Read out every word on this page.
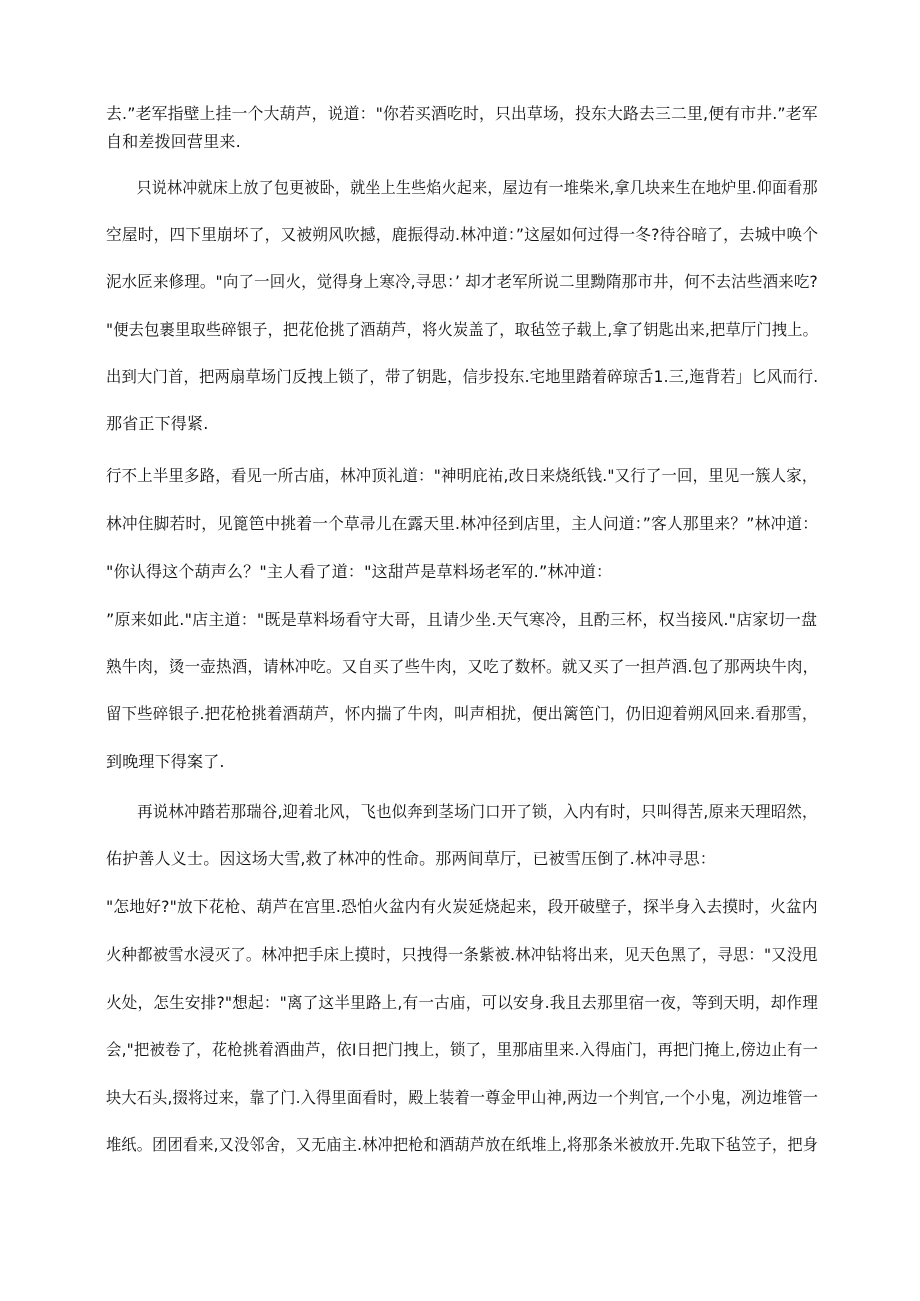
去.”老军指壁上挂一个大葫芦，说道："你若买酒吃时，只出草场，投东大路去三二里,便有市井.”老军
自和差拨回营里来.
　　只说林冲就床上放了包更被卧，就坐上生些焰火起来，屋边有一堆柴米,拿几块来生在地炉里.仰面看那
空屋时，四下里崩坏了，又被朔风吹撼，鹿振得动.林冲道：”这屋如何过得一冬?待谷暗了，去城中唤个
泥水匠来修理。"向了一回火，觉得身上寒冷,寻思：’ 却才老军所说二里黝隋那市井，何不去沽些酒来吃?
"便去包裹里取些碎银子，把花伧挑了酒葫芦，将火炭盖了，取毡笠子载上,拿了钥匙出来,把草厅门拽上。
出到大门首，把两扇草场门反拽上锁了，带了钥匙，信步投东.宅地里踏着碎琼舌1.三,迤背若」匕风而行.
那省正下得紧.
行不上半里多路，看见一所古庙，林冲顶礼道："神明庇祐,改日来烧纸钱."又行了一回，里见一簇人家，
林冲住脚若时，见篦笆中挑着一个草帚儿在露天里.林冲径到店里，主人问道：”客人那里来？”林冲道：
"你认得这个葫声么？"主人看了道："这甜芦是草料场老军的.”林冲道：
”原来如此."店主道："既是草料场看守大哥，且请少坐.天气寒冷，且酌三杯，权当接风."店家切一盘
熟牛肉，烫一壶热酒，请林冲吃。又自买了些牛肉，又吃了数杯。就又买了一担芦酒.包了那两块牛肉，
留下些碎银子.把花枪挑着酒葫芦，怀内揣了牛肉，叫声相扰，便出篱笆门，仍旧迎着朔风回来.看那雪，
到晚理下得案了.
　　再说林冲踏若那瑞谷,迎着北风，飞也似奔到茎场门口开了锁，入内有时，只叫得苦,原来天理昭然，
佑护善人义士。因这场大雪,救了林冲的性命。那两间草厅，已被雪压倒了.林冲寻思：
"怎地好?"放下花枪、葫芦在宫里.恐怕火盆内有火炭延烧起来，段开破壁子，探半身入去摸时，火盆内
火种都被雪水浸灭了。林冲把手床上摸时，只拽得一条紫被.林冲钻将出来，见天色黑了，寻思："又没甩
火处，怎生安排?"想起："离了这半里路上,有一古庙，可以安身.我且去那里宿一夜，等到天明，却作理
会,"把被卷了，花枪挑着酒曲芦，依I日把门拽上，锁了，里那庙里来.入得庙门，再把门掩上,傍边止有一
块大石头,掇将过来，靠了门.入得里面看时，殿上装着一尊金甲山神,两边一个判官,一个小鬼，冽边堆管一
堆纸。团团看来,又没邻舍，又无庙主.林冲把枪和酒葫芦放在纸堆上,将那条米被放开.先取下毡笠子，把身
